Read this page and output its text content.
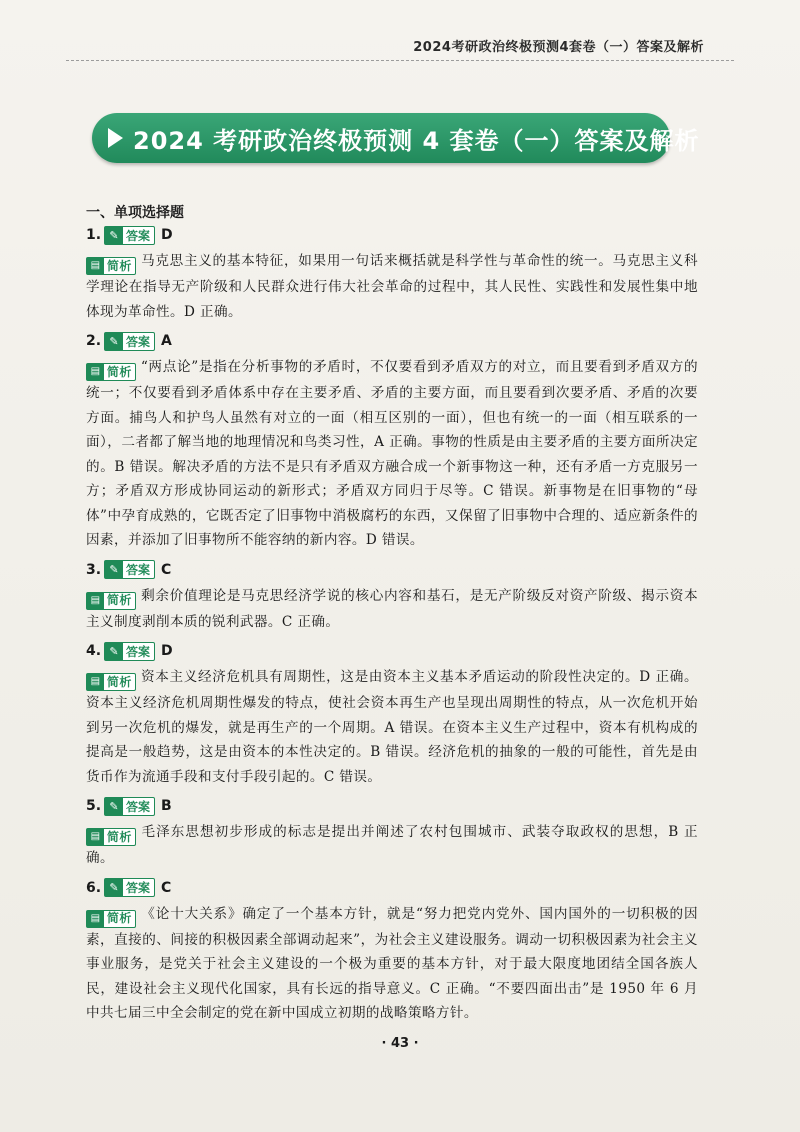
2024考研政治终极预测4套卷（一）答案及解析
2024 考研政治终极预测 4 套卷（一）答案及解析
一、单项选择题
1. ✎ 答案 D
▤ 简析 马克思主义的基本特征，如果用一句话来概括就是科学性与革命性的统一。马克思主义科学理论在指导无产阶级和人民群众进行伟大社会革命的过程中，其人民性、实践性和发展性集中地体现为革命性。D 正确。
2. ✎ 答案 A
▤ 简析 “两点论”是指在分析事物的矛盾时，不仅要看到矛盾双方的对立，而且要看到矛盾双方的统一；不仅要看到矛盾体系中存在主要矛盾、矛盾的主要方面，而且要看到次要矛盾、矛盾的次要方面。捕鸟人和护鸟人虽然有对立的一面（相互区别的一面），但也有统一的一面（相互联系的一面），二者都了解当地的地理情况和鸟类习性，A 正确。事物的性质是由主要矛盾的主要方面所决定的。B 错误。解决矛盾的方法不是只有矛盾双方融合成一个新事物这一种，还有矛盾一方克服另一方；矛盾双方形成协同运动的新形式；矛盾双方同归于尽等。C 错误。新事物是在旧事物的“母体”中孕育成熟的，它既否定了旧事物中消极腐朽的东西，又保留了旧事物中合理的、适应新条件的因素，并添加了旧事物所不能容纳的新内容。D 错误。
3. ✎ 答案 C
▤ 简析 剩余价值理论是马克思经济学说的核心内容和基石，是无产阶级反对资产阶级、揭示资本主义制度剥削本质的锐利武器。C 正确。
4. ✎ 答案 D
▤ 简析 资本主义经济危机具有周期性，这是由资本主义基本矛盾运动的阶段性决定的。D 正确。资本主义经济危机周期性爆发的特点，使社会资本再生产也呈现出周期性的特点，从一次危机开始到另一次危机的爆发，就是再生产的一个周期。A 错误。在资本主义生产过程中，资本有机构成的提高是一般趋势，这是由资本的本性决定的。B 错误。经济危机的抽象的一般的可能性，首先是由货币作为流通手段和支付手段引起的。C 错误。
5. ✎ 答案 B
▤ 简析 毛泽东思想初步形成的标志是提出并阐述了农村包围城市、武装夺取政权的思想，B 正确。
6. ✎ 答案 C
▤ 简析 《论十大关系》确定了一个基本方针，就是“努力把党内党外、国内国外的一切积极的因素，直接的、间接的积极因素全部调动起来”，为社会主义建设服务。调动一切积极因素为社会主义事业服务，是党关于社会主义建设的一个极为重要的基本方针，对于最大限度地团结全国各族人民，建设社会主义现代化国家，具有长远的指导意义。C 正确。“不要四面出击”是 1950 年 6 月中共七届三中全会制定的党在新中国成立初期的战略策略方针。
· 43 ·
